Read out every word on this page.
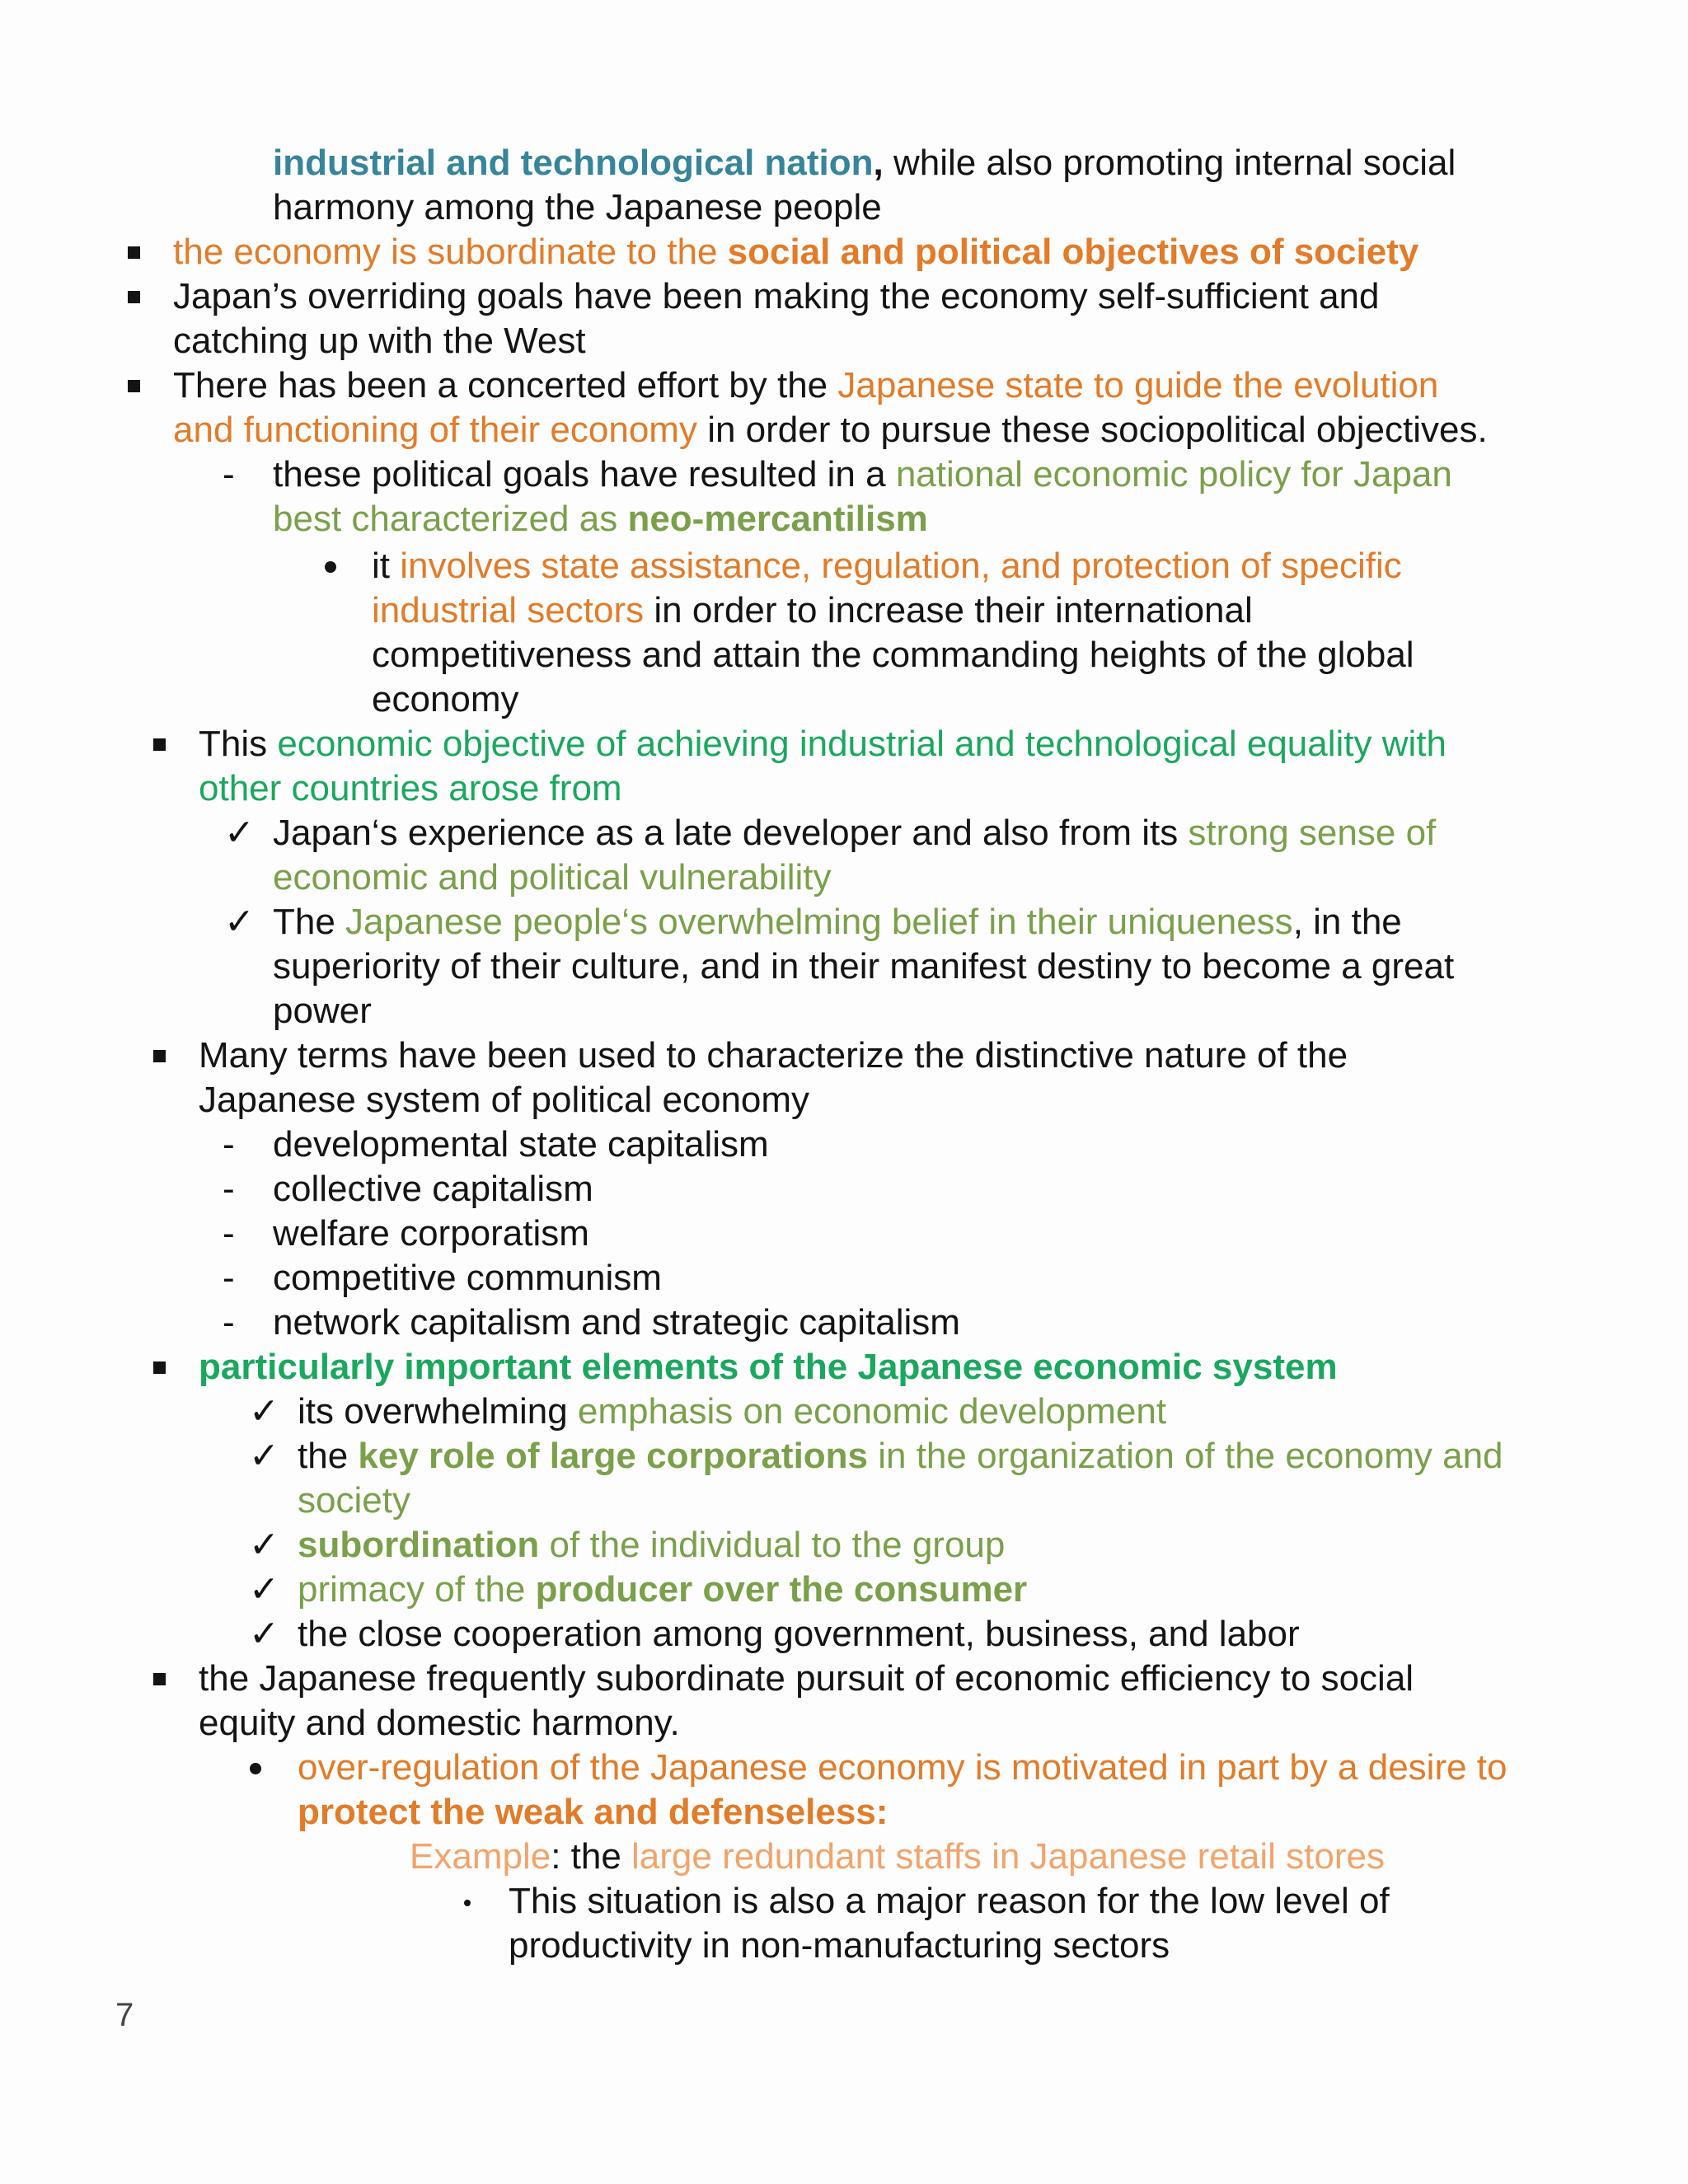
7
industrial and technological nation, while also promoting internal social
harmony among the Japanese people
the economy is subordinate to the social and political objectives of society
Japan’s overriding goals have been making the economy self-sufficient and
catching up with the West
There has been a concerted effort by the Japanese state to guide the evolution
and functioning of their economy in order to pursue these sociopolitical objectives.
- these political goals have resulted in a national economic policy for Japan
best characterized as neo-mercantilism
it involves state assistance, regulation, and protection of specific
industrial sectors in order to increase their international
competitiveness and attain the commanding heights of the global
economy
This economic objective of achieving industrial and technological equality with
other countries arose from
✓ Japan‘s experience as a late developer and also from its strong sense of
economic and political vulnerability
✓ The Japanese people‘s overwhelming belief in their uniqueness, in the
superiority of their culture, and in their manifest destiny to become a great
power
Many terms have been used to characterize the distinctive nature of the
Japanese system of political economy
- developmental state capitalism
- collective capitalism
- welfare corporatism
- competitive communism
- network capitalism and strategic capitalism
particularly important elements of the Japanese economic system
✓ its overwhelming emphasis on economic development
✓ the key role of large corporations in the organization of the economy and
society
✓ subordination of the individual to the group
✓ primacy of the producer over the consumer
✓ the close cooperation among government, business, and labor
the Japanese frequently subordinate pursuit of economic efficiency to social
equity and domestic harmony.
over-regulation of the Japanese economy is motivated in part by a desire to
protect the weak and defenseless:
Example: the large redundant staffs in Japanese retail stores
This situation is also a major reason for the low level of
productivity in non-manufacturing sectors
